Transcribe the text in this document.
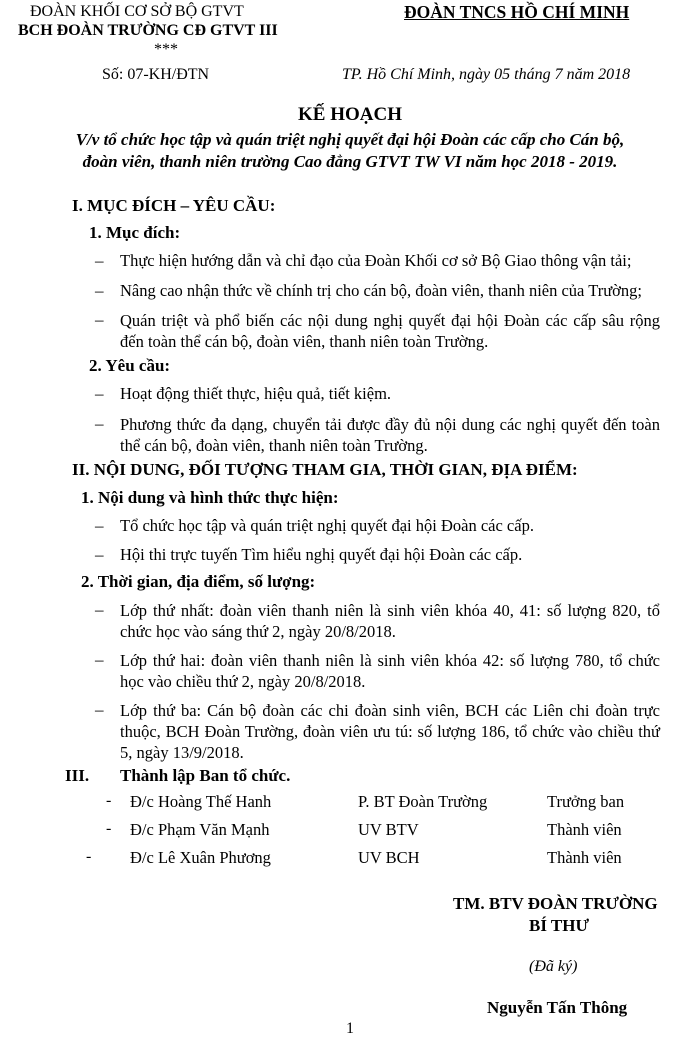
ĐOÀN KHỐI CƠ SỞ BỘ GTVT
BCH ĐOÀN TRƯỜNG CĐ GTVT III
***
Số: 07-KH/ĐTN
ĐOÀN TNCS HỒ CHÍ MINH
TP. Hồ Chí Minh, ngày 05 tháng 7 năm 2018
KẾ HOẠCH
V/v tổ chức học tập và quán triệt nghị quyết đại hội Đoàn các cấp cho Cán bộ,
đoàn viên, thanh niên trường Cao đẳng GTVT TW VI năm học 2018 - 2019.
I. MỤC ĐÍCH – YÊU CẦU:
1. Mục đích:
– Thực hiện hướng dẫn và chỉ đạo của Đoàn Khối cơ sở Bộ Giao thông vận tải;
– Nâng cao nhận thức về chính trị cho cán bộ, đoàn viên, thanh niên của Trường;
– Quán triệt và phổ biến các nội dung nghị quyết đại hội Đoàn các cấp sâu rộng đến toàn thể cán bộ, đoàn viên, thanh niên toàn Trường.
2. Yêu cầu:
– Hoạt động thiết thực, hiệu quả, tiết kiệm.
– Phương thức đa dạng, chuyển tải được đầy đủ nội dung các nghị quyết đến toàn thể cán bộ, đoàn viên, thanh niên toàn Trường.
II. NỘI DUNG, ĐỐI TƯỢNG THAM GIA, THỜI GIAN, ĐỊA ĐIỂM:
1. Nội dung và hình thức thực hiện:
– Tổ chức học tập và quán triệt nghị quyết đại hội Đoàn các cấp.
– Hội thi trực tuyến Tìm hiểu nghị quyết đại hội Đoàn các cấp.
2. Thời gian, địa điểm, số lượng:
– Lớp thứ nhất: đoàn viên thanh niên là sinh viên khóa 40, 41: số lượng 820, tổ chức học vào sáng thứ 2, ngày 20/8/2018.
– Lớp thứ hai: đoàn viên thanh niên là sinh viên khóa 42: số lượng 780, tổ chức học vào chiều thứ 2, ngày 20/8/2018.
– Lớp thứ ba: Cán bộ đoàn các chi đoàn sinh viên, BCH các Liên chi đoàn trực thuộc, BCH Đoàn Trường, đoàn viên ưu tú: số lượng 186, tổ chức vào chiều thứ 5, ngày 13/9/2018.
III. Thành lập Ban tổ chức.
- Đ/c Hoàng Thế Hanh	P. BT Đoàn Trường	Trưởng ban
- Đ/c Phạm Văn Mạnh	UV BTV	Thành viên
- Đ/c Lê Xuân Phương	UV BCH	Thành viên
TM. BTV ĐOÀN TRƯỜNG
BÍ THƯ
(Đã ký)
Nguyễn Tấn Thông
1
